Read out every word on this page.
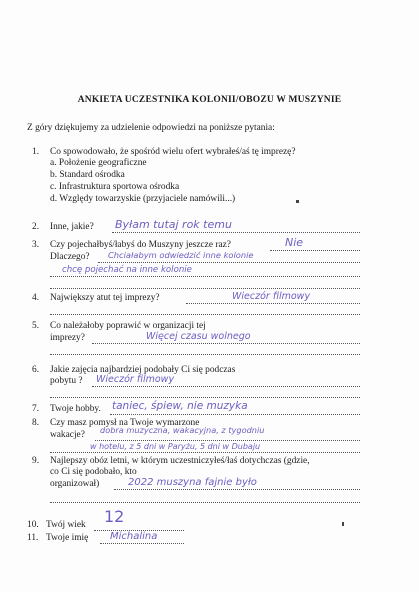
ANKIETA UCZESTNIKA KOLONII/OBOZU W MUSZYNIE
Z góry dziękujemy za udzielenie odpowiedzi na poniższe pytania:
1. Co spowodowało, że spośród wielu ofert wybrałeś/aś tę imprezę?
a. Położenie geograficzne
b. Standard ośrodka
c. Infrastruktura sportowa ośrodka
d. Względy towarzyskie (przyjaciele namówili...)
2. Inne, jakie? Byłam tutaj rok temu
3. Czy pojechałbyś/łabyś do Muszyny jeszcze raz?	Nie
Dlaczego? Chciałabym odwiedzić inne kolonie
chcę pojechać na inne kolonie
4. Największy atut tej imprezy?	Wieczór filmowy
5. Co należałoby poprawić w organizacji tej
imprezy?	Więcej czasu wolnego
6. Jakie zajęcia najbardziej podobały Ci się podczas
pobytu ? Wieczór filmowy
7. Twoje hobby. taniec, śpiew, nie muzyka
8. Czy masz pomysł na Twoje wymarzone
wakacje? dobra muzyczna, wakacyjna, z tygodniu
w hotelu, z 5 dni w Paryżu, 5 dni w Dubaju
9. Najlepszy obóz letni, w którym uczestniczyłeś/łaś dotychczas (gdzie,
co Ci się podobało, kto
organizował)	2022 muszyna fajnie było
10. Twój wiek 12
11. Twoje imię Michalina
